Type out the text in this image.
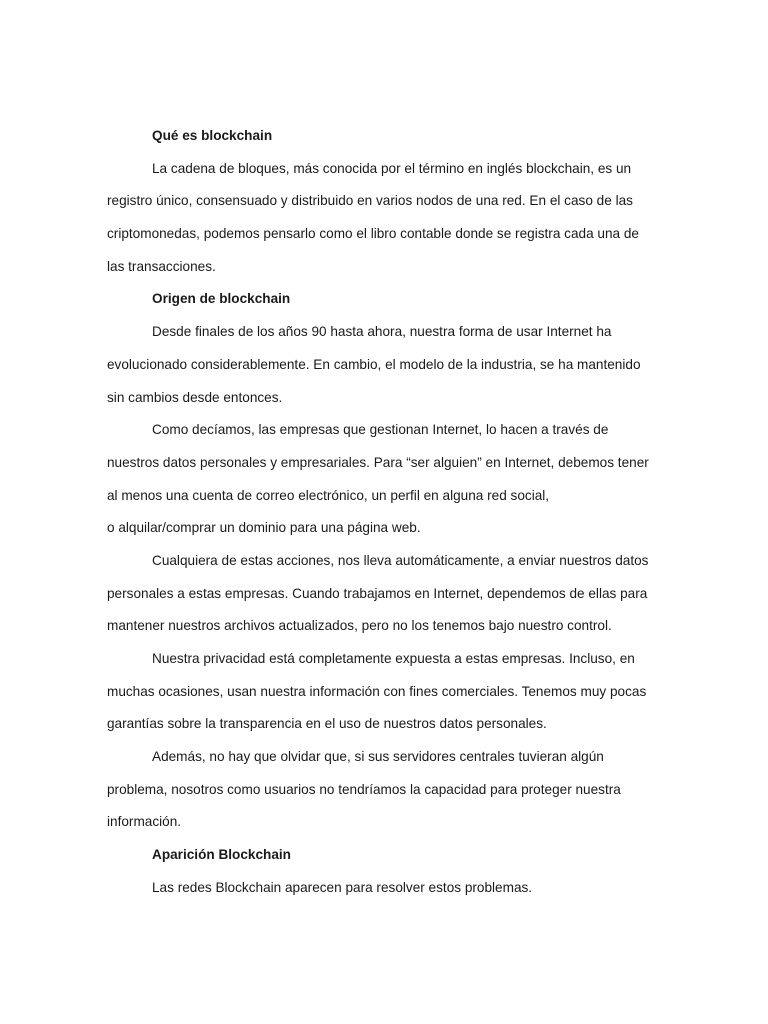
Qué es blockchain
La cadena de bloques, más conocida por el término en inglés blockchain, es un
registro único, consensuado y distribuido en varios nodos de una red. En el caso de las
criptomonedas, podemos pensarlo como el libro contable donde se registra cada una de
las transacciones.
Origen de blockchain
Desde finales de los años 90 hasta ahora, nuestra forma de usar Internet ha
evolucionado considerablemente. En cambio, el modelo de la industria, se ha mantenido
sin cambios desde entonces.
Como decíamos, las empresas que gestionan Internet, lo hacen a través de
nuestros datos personales y empresariales. Para “ser alguien” en Internet, debemos tener
al menos una cuenta de correo electrónico, un perfil en alguna red social,
o alquilar/comprar un dominio para una página web.
Cualquiera de estas acciones, nos lleva automáticamente, a enviar nuestros datos
personales a estas empresas. Cuando trabajamos en Internet, dependemos de ellas para
mantener nuestros archivos actualizados, pero no los tenemos bajo nuestro control.
Nuestra privacidad está completamente expuesta a estas empresas. Incluso, en
muchas ocasiones, usan nuestra información con fines comerciales. Tenemos muy pocas
garantías sobre la transparencia en el uso de nuestros datos personales.
Además, no hay que olvidar que, si sus servidores centrales tuvieran algún
problema, nosotros como usuarios no tendríamos la capacidad para proteger nuestra
información.
Aparición Blockchain
Las redes Blockchain aparecen para resolver estos problemas.
